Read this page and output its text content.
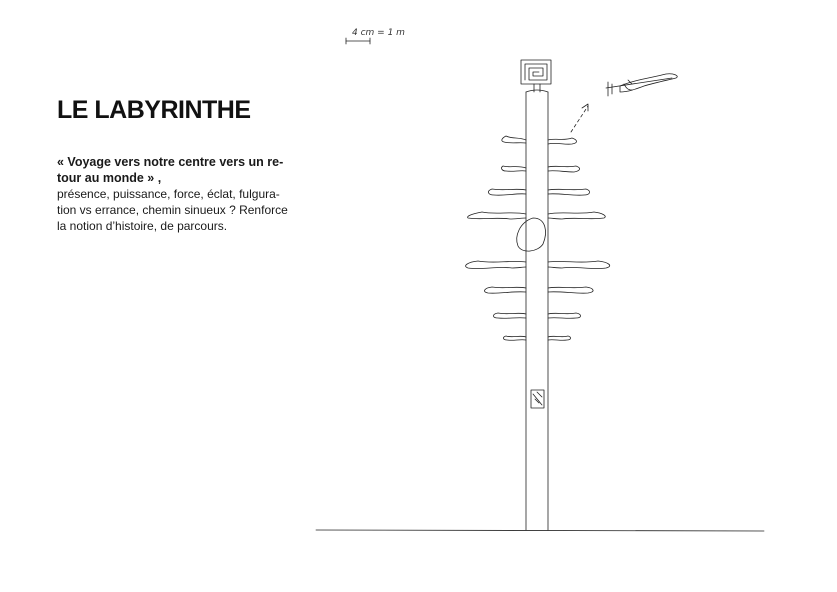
LE LABYRINTHE

« Voyage vers notre centre vers un re-tour au monde » ,

présence, puissance, force, éclat, fulgura-

tion vs errance, chemin sinueux ? Renforce

la notion d’histoire, de parcours.

4 cm = 1 m
